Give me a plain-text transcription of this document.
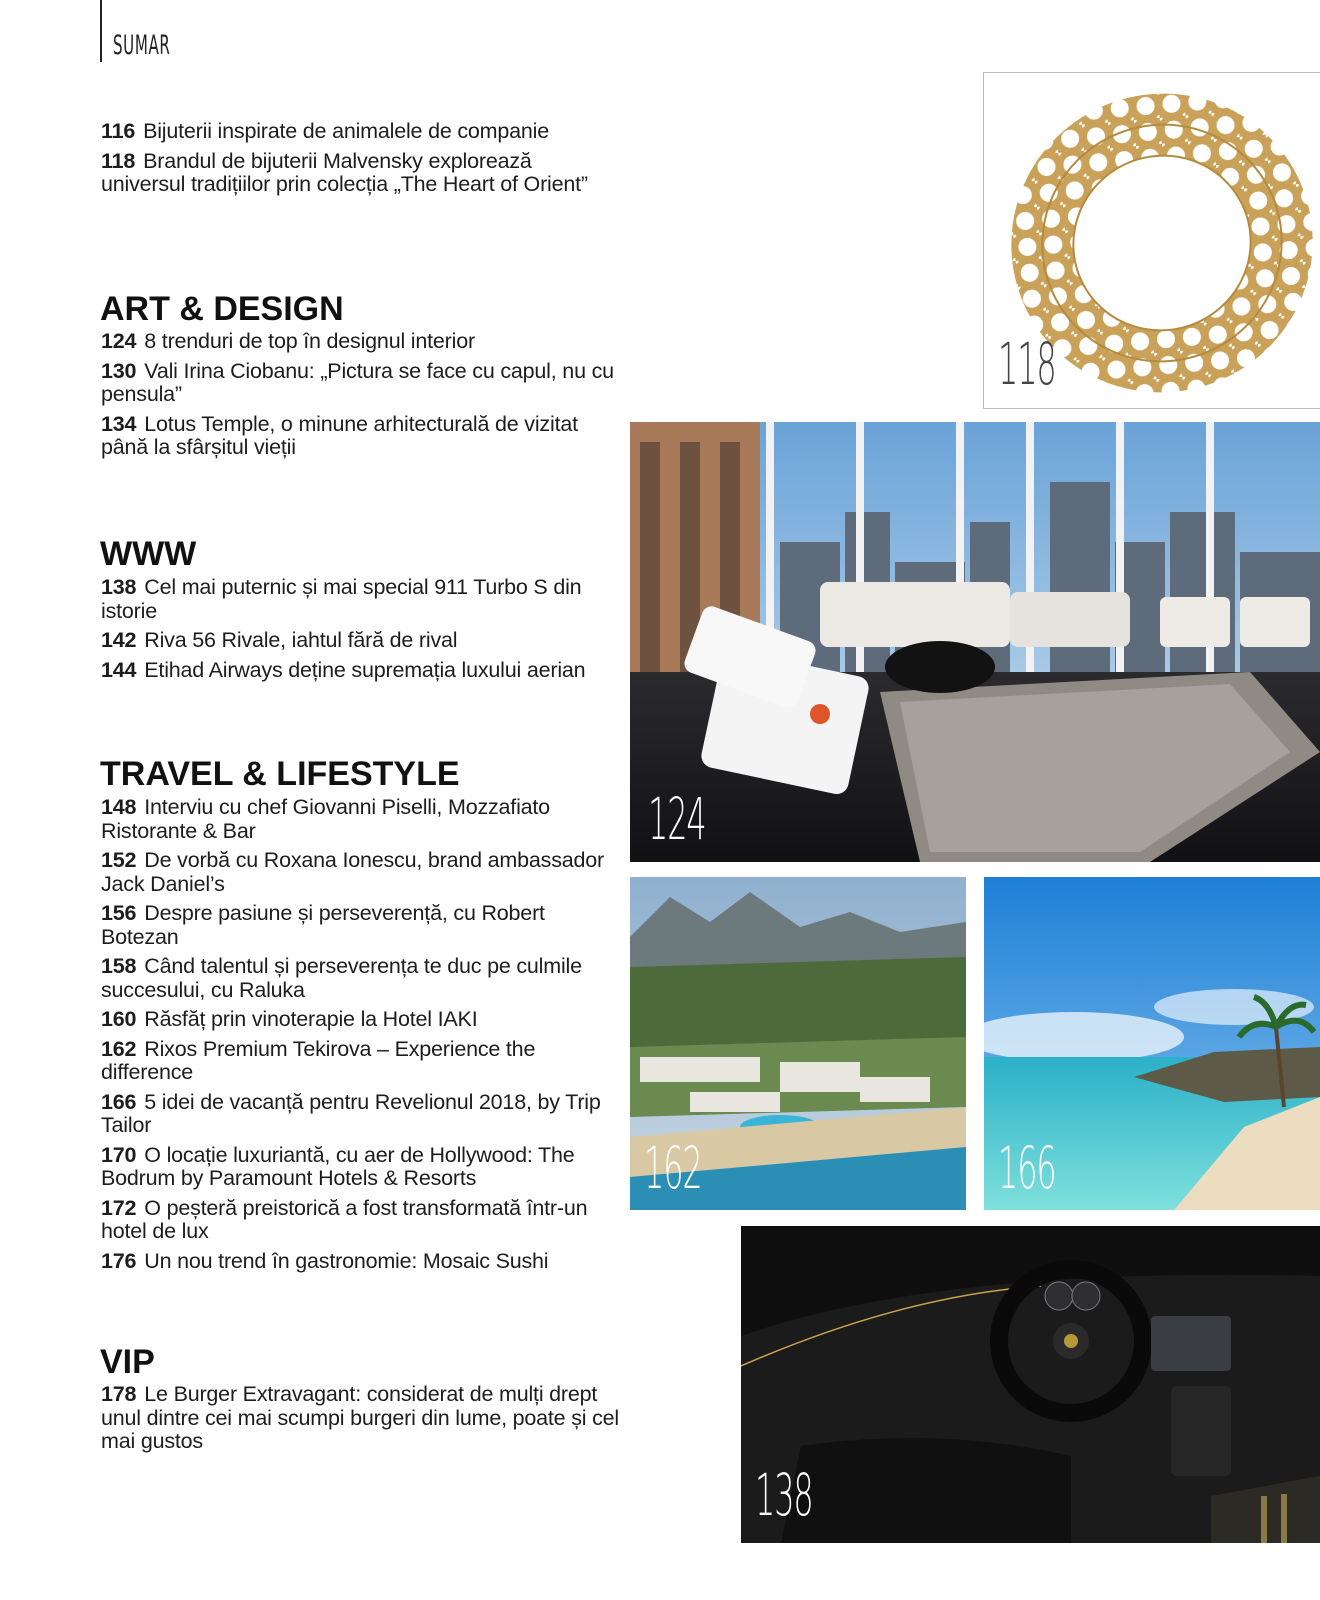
SUMAR

116 Bijuterii inspirate de animalele de companie

118 Brandul de bijuterii Malvensky explorează universul tradițiilor prin colecția „The Heart of Orient”

ART & DESIGN

124 8 trenduri de top în designul interior

130 Vali Irina Ciobanu: „Pictura se face cu capul, nu cu pensula”

134 Lotus Temple, o minune arhitecturală de vizitat până la sfârșitul vieții

WWW

138 Cel mai puternic și mai special 911 Turbo S din istorie

142 Riva 56 Rivale, iahtul fără de rival

144 Etihad Airways deține supremația luxului aerian

TRAVEL & LIFESTYLE

148 Interviu cu chef Giovanni Piselli, Mozzafiato Ristorante & Bar

152 De vorbă cu Roxana Ionescu, brand ambassador Jack Daniel’s

156 Despre pasiune și perseverență, cu Robert Botezan

158 Când talentul și perseverența te duc pe culmile succesului, cu Raluka

160 Răsfăț prin vinoterapie la Hotel IAKI

162 Rixos Premium Tekirova – Experience the difference

166 5 idei de vacanță pentru Revelionul 2018, by Trip Tailor

170 O locație luxuriantă, cu aer de Hollywood: The Bodrum by Paramount Hotels & Resorts

172 O peșteră preistorică a fost transformată într-un hotel de lux

176 Un nou trend în gastronomie: Mosaic Sushi

VIP

178 Le Burger Extravagant: considerat de mulți drept unul dintre cei mai scumpi burgeri din lume, poate și cel mai gustos

118
124
162	166
138
